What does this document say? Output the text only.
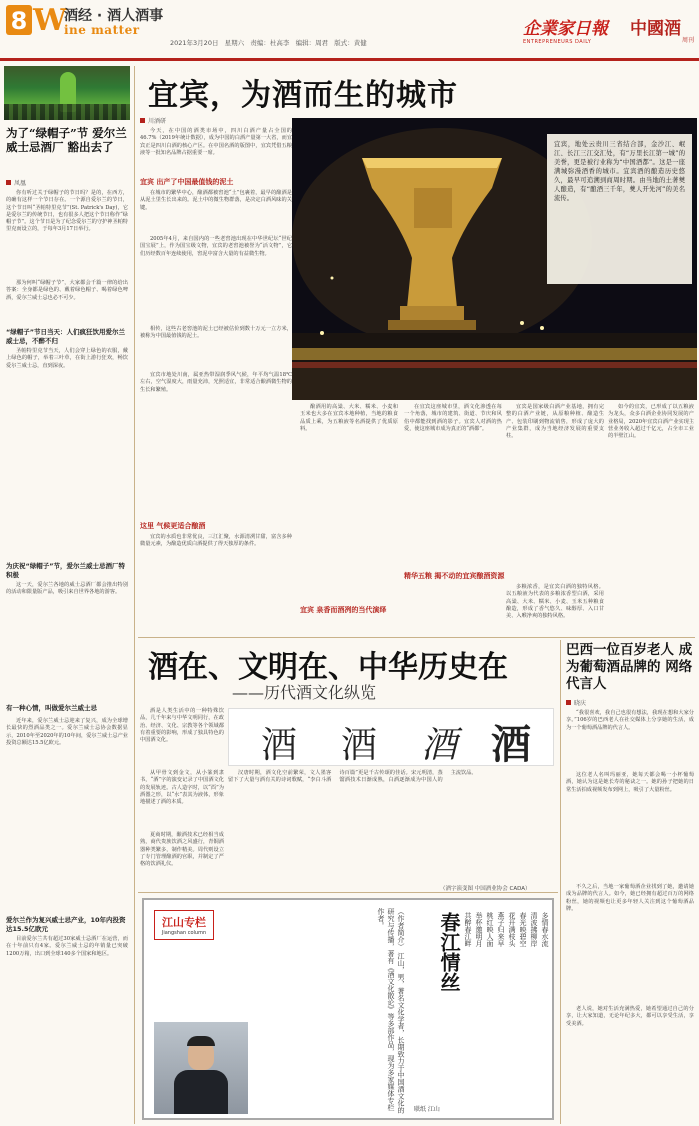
8 W
酒经 · 酒人酒事
ine matter
2021年3月20日 星期六 责编：杜高李 编辑：周君 版式：黄健
企業家日報
ENTREPRENEURS DAILY
中國酒
周刊
为了“绿帽子”节 爱尔兰威士忌酒厂 豁出去了
凤凰
你有听过关于绿帽子的节日吗？是的，在西方，的确有这样一个节日存在。一个源自爱尔兰的节日，这个节日叫“圣帕特里克节”(St. Patrick's Day)，它是爱尔兰的传统节日，也有很多人把这个节日称作“绿帽子节”。这个节日是为了纪念爱尔兰的守护神圣帕特里克而设立的，于每年3月17日举行。
那为何叫“绿帽子节”，大家都会千篇一律的给出答案：全身都是绿色的、戴着绿色帽子、喝着绿色啤酒，爱尔兰威士忌也必不可少。
“绿帽子”节日当天：人们疯狂饮用爱尔兰威士忌，不醉不归
圣帕特里克节当天，人们会穿上绿色的衣服，戴上绿色的帽子，举着三叶草，在街上游行狂欢，畅饮爱尔兰威士忌，直到深夜。
为庆祝“绿帽子”节，爱尔兰威士忌酒厂特积极
这一天，爱尔兰各地的威士忌酒厂都会推出特别的活动和限量版产品，吸引来自世界各地的游客。
有一种心情，叫做爱尔兰威士忌
近年来，爱尔兰威士忌迎来了复兴，成为全球增长最快的烈酒品类之一。爱尔兰威士忌协会数据显示，2010年至2020年的10年间，爱尔兰威士忌产业投资总额达15.5亿欧元。
爱尔兰作为复兴威士忌产业，10年内投资达15.5亿欧元
目前爱尔兰共有超过30家威士忌酒厂在运营，而在十年前只有4家。爱尔兰威士忌的年销量已突破1200万箱，出口到全球140多个国家和地区。
宜宾，为酒而生的城市
川酒研
今天，在中国的酒类市场中，四川白酒产量占全国的46.7%（2019年统计数据），成为中国的白酒产量第一大省，而宜宾正是四川白酒的核心产区。在中国名酒的版图中，宜宾凭借五粮液等一批知名品牌占据重要一席。
宜宾 出产了中国最值钱的泥土
在城市的繁华中心，酿酒都被窖池“土”包裹着，最早的酿酒是从泥土里生长出来的。泥土中的微生物群落，是决定白酒风味的关键。
2005年4月，来自国内的一些老窖池出现在中华世纪坛“世纪国宝展”上，作为国宝级文物，宜宾的老窖池被誉为“活文物”，它们历经数百年连续使用，窖泥中富含大量的有益微生物。
相传，这些古老窖池的泥土已经被估价到数十万元一立方米，被称为中国最值钱的泥土。
宜宾市地处川南，属亚热带湿润季风气候，年平均气温18℃左右，空气湿度大，雨量充沛，光照适宜，非常适合酿酒微生物的生长和繁殖。
这里 气候更适合酿酒
宜宾的水质也非常优良，三江汇聚，水源清冽甘甜，富含多种微量元素，为酿造优质白酒提供了得天独厚的条件。
宜宾，地处云贵川三省结合部，金沙江、岷江、长江三江交汇处，有“万里长江第一城”的美誉，更是被行业称为“中国酒都”。这是一座满城弥漫酒香的城市。宜宾酒的酿造历史悠久，最早可追溯到商周时期。由当地的土著僰人酿造，有“酿酒三千年，僰人开先河”的美名流传。
酿酒用的高粱、大米、糯米、小麦和玉米也大多在宜宾本地种植，当地的粮食品质上乘，为五粮液等名酒提供了优质原料。
在宜宾这座城市里，酒文化渗透在每一个角落，城市的建筑、街道、节庆和风俗中都能找到酒的影子。宜宾人对酒的热爱，使这座城市成为真正的“酒都”。
宜宾 泉香而酒冽的当代演绎
宜宾是国家级白酒产业基地，拥有完整的白酒产业链，从原粮种植、酿造生产、包装印刷到物流销售，形成了庞大的产业集群，成为当地经济发展的重要支柱。
精华五粮 揭不动的宜宾酿酒资源
多粮浓香，是宜宾白酒的独特风格。以五粮液为代表的多粮浓香型白酒，采用高粱、大米、糯米、小麦、玉米五种粮食酿造，形成了香气悠久、味醇厚、入口甘美、入喉净爽的独特风格。
如今的宜宾，已形成了以五粮液为龙头，众多白酒企业协同发展的产业格局，2020年宜宾白酒产业实现主营业务收入超过千亿元，占全市工业的半壁江山。
酒在、文明在、中华历史在
——历代酒文化纵览
酒是人类生活中的一种特殊饮品，几千年来与中华文明同行，在政治、经济、文化、宗教等各个领域都有着重要的影响，形成了独具特色的中国酒文化。
从甲骨文到金文，从小篆到隶书，“酒”字的演变记录了中国酒文化的发展轨迹。古人造字时，以“酉”为酒器之形，以“水”表其为液体，形象地描述了酒的本质。
夏商时期，酿酒技术已经相当成熟，商代贵族饮酒之风盛行，青铜酒器种类繁多，制作精美。周代则设立了专门管理酿酒的官职，并制定了严格的饮酒礼仪。
酒 酒 酒 酒
汉唐时期，酒文化空前繁荣，文人墨客留下了大量与酒有关的诗词歌赋，“李白斗酒诗百篇”更是千古传颂的佳话。宋元明清，蒸馏酒技术日渐成熟，白酒逐渐成为中国人的主流饮品。
（酒字演变图 中国酒业协会 CADA）
江山专栏
Jiangshan column	（作者简介） 江山，男，著名文化学者，长期致力于中国酒文化的研究与传播，著有《酒文化散论》等多部作品，现为多家媒体专栏作者。	春江情丝	多情春水流
清波拂柳岸
春光映碧空
花开满枝头
燕子归来早
桃红映人面
举杯邀明月
共醉春江畔
联纸 江山
巴西一位百岁老人 成为葡萄酒品牌的 网络代言人
晓庆
“我很喜欢，我自己也很有想法，我现在想和大家分享。”106岁的巴西老人在社交媒体上分享她的生活，成为一个葡萄酒品牌的代言人。
这位老人名叫玛丽亚，她每天都会喝一小杯葡萄酒，她认为这是她长寿的秘诀之一。她的孙子把她的日常生活拍成视频发布到网上，吸引了大量粉丝。
不久之后，当地一家葡萄酒企业找到了她，邀请她成为品牌的代言人。如今，她已经拥有超过百万的网络粉丝，她的视频也让更多年轻人关注到这个葡萄酒品牌。
老人说，她对生活充满热爱，她希望通过自己的分享，让大家知道，无论年纪多大，都可以享受生活，享受美酒。
